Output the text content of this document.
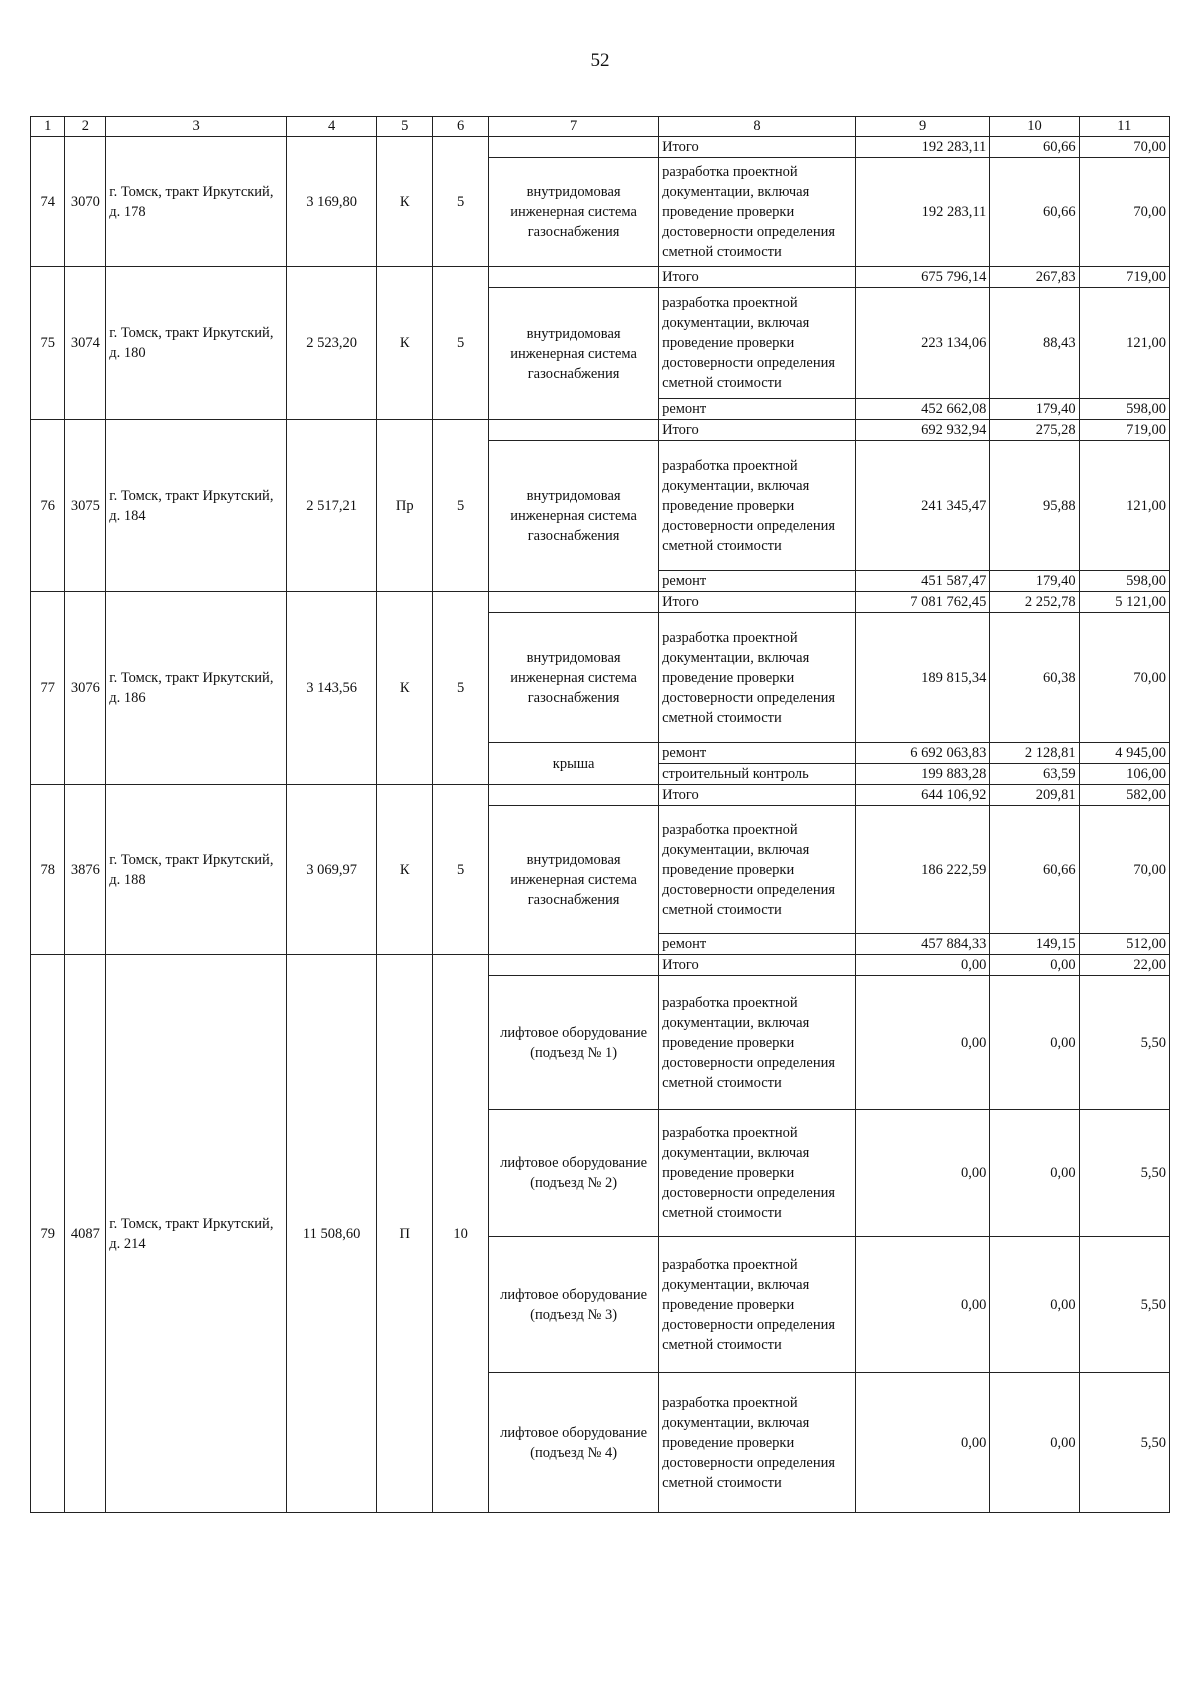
52
1	2	3	4	5	6	7	8	9	10	11
74	3070	г. Томск, тракт Иркутский, д. 178	3 169,80	К	5		Итого	192 283,11	60,66	70,00
						внутридомовая инженерная система газоснабжения	разработка проектной документации, включая проведение проверки достоверности определения сметной стоимости	192 283,11	60,66	70,00
75	3074	г. Томск, тракт Иркутский, д. 180	2 523,20	К	5		Итого	675 796,14	267,83	719,00
						внутридомовая инженерная система газоснабжения	разработка проектной документации, включая проведение проверки достоверности определения сметной стоимости	223 134,06	88,43	121,00
							ремонт	452 662,08	179,40	598,00
76	3075	г. Томск, тракт Иркутский, д. 184	2 517,21	Пр	5		Итого	692 932,94	275,28	719,00
						внутридомовая инженерная система газоснабжения	разработка проектной документации, включая проведение проверки достоверности определения сметной стоимости	241 345,47	95,88	121,00
							ремонт	451 587,47	179,40	598,00
77	3076	г. Томск, тракт Иркутский, д. 186	3 143,56	К	5		Итого	7 081 762,45	2 252,78	5 121,00
						внутридомовая инженерная система газоснабжения	разработка проектной документации, включая проведение проверки достоверности определения сметной стоимости	189 815,34	60,38	70,00
						крыша	ремонт	6 692 063,83	2 128,81	4 945,00
							строительный контроль	199 883,28	63,59	106,00
78	3876	г. Томск, тракт Иркутский, д. 188	3 069,97	К	5		Итого	644 106,92	209,81	582,00
						внутридомовая инженерная система газоснабжения	разработка проектной документации, включая проведение проверки достоверности определения сметной стоимости	186 222,59	60,66	70,00
							ремонт	457 884,33	149,15	512,00
79	4087	г. Томск, тракт Иркутский, д. 214	11 508,60	П	10		Итого	0,00	0,00	22,00
						лифтовое оборудование (подъезд № 1)	разработка проектной документации, включая проведение проверки достоверности определения сметной стоимости	0,00	0,00	5,50
						лифтовое оборудование (подъезд № 2)	разработка проектной документации, включая проведение проверки достоверности определения сметной стоимости	0,00	0,00	5,50
						лифтовое оборудование (подъезд № 3)	разработка проектной документации, включая проведение проверки достоверности определения сметной стоимости	0,00	0,00	5,50
						лифтовое оборудование (подъезд № 4)	разработка проектной документации, включая проведение проверки достоверности определения сметной стоимости	0,00	0,00	5,50
